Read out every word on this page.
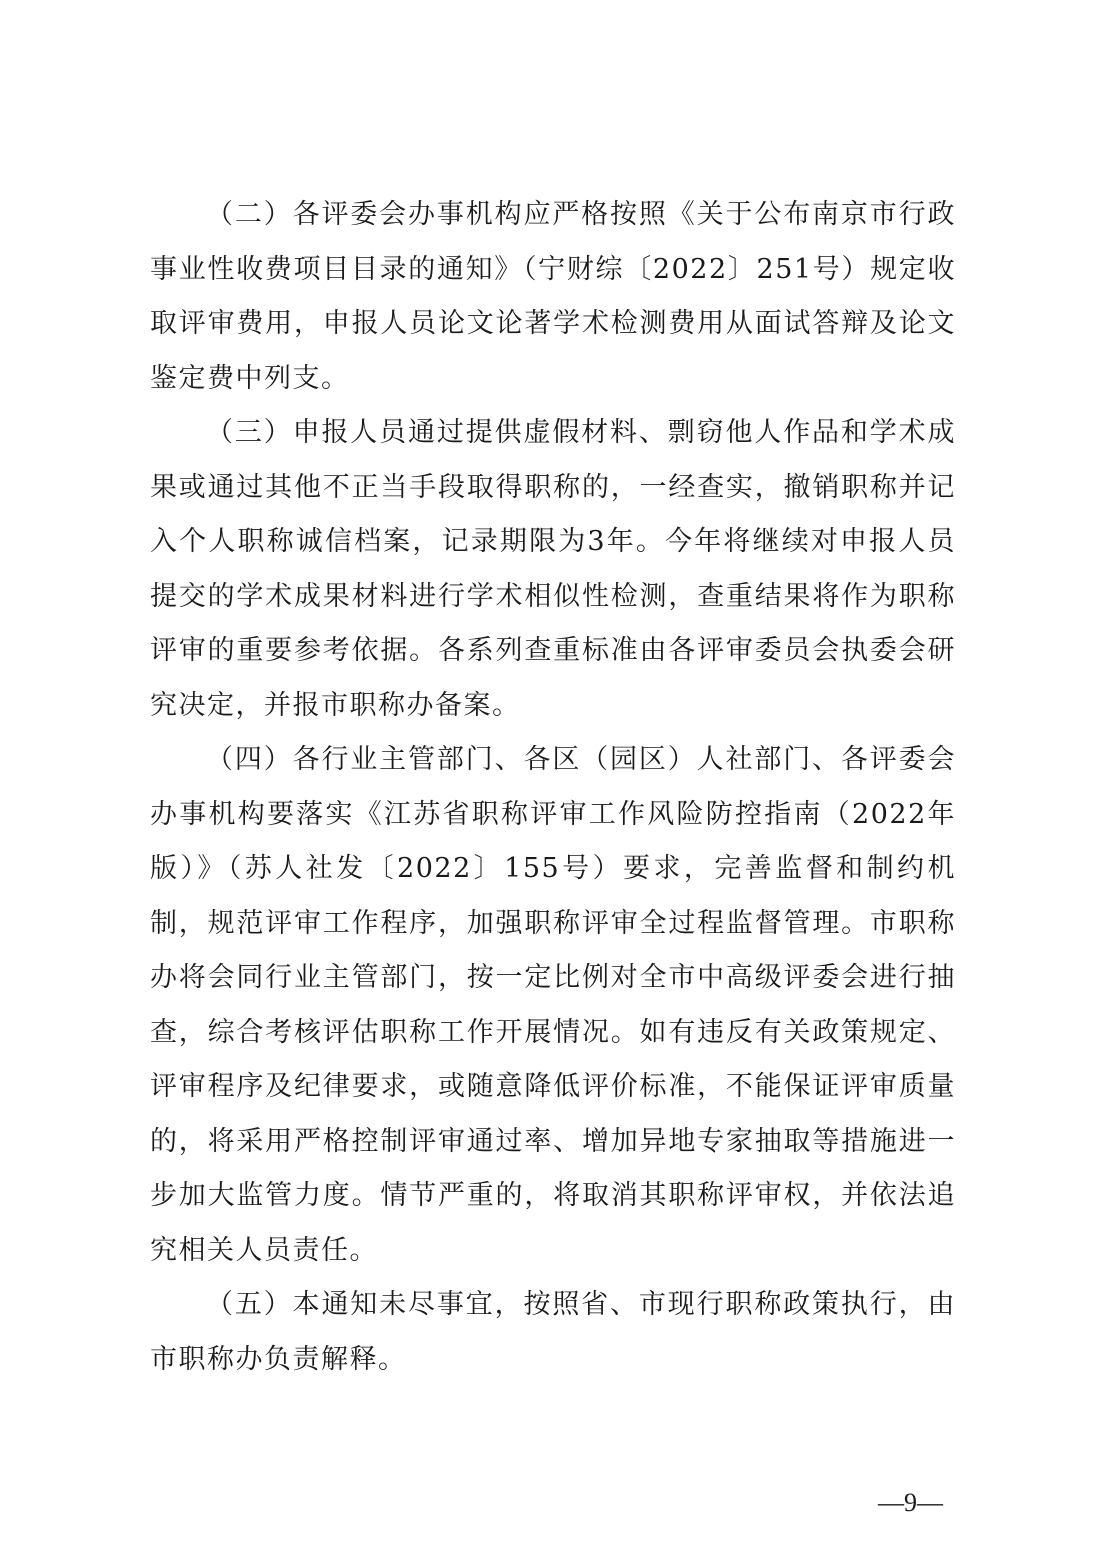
（二）各评委会办事机构应严格按照《关于公布南京市行政事业性收费项目目录的通知》（宁财综〔2022〕251号）规定收取评审费用，申报人员论文论著学术检测费用从面试答辩及论文鉴定费中列支。

（三）申报人员通过提供虚假材料、剽窃他人作品和学术成果或通过其他不正当手段取得职称的，一经查实，撤销职称并记入个人职称诚信档案，记录期限为3年。今年将继续对申报人员提交的学术成果材料进行学术相似性检测，查重结果将作为职称评审的重要参考依据。各系列查重标准由各评审委员会执委会研究决定，并报市职称办备案。

（四）各行业主管部门、各区（园区）人社部门、各评委会办事机构要落实《江苏省职称评审工作风险防控指南（2022年版）》（苏人社发〔2022〕155号）要求，完善监督和制约机制，规范评审工作程序，加强职称评审全过程监督管理。市职称办将会同行业主管部门，按一定比例对全市中高级评委会进行抽查，综合考核评估职称工作开展情况。如有违反有关政策规定、评审程序及纪律要求，或随意降低评价标准，不能保证评审质量的，将采用严格控制评审通过率、增加异地专家抽取等措施进一步加大监管力度。情节严重的，将取消其职称评审权，并依法追究相关人员责任。

（五）本通知未尽事宜，按照省、市现行职称政策执行，由市职称办负责解释。

—9—
